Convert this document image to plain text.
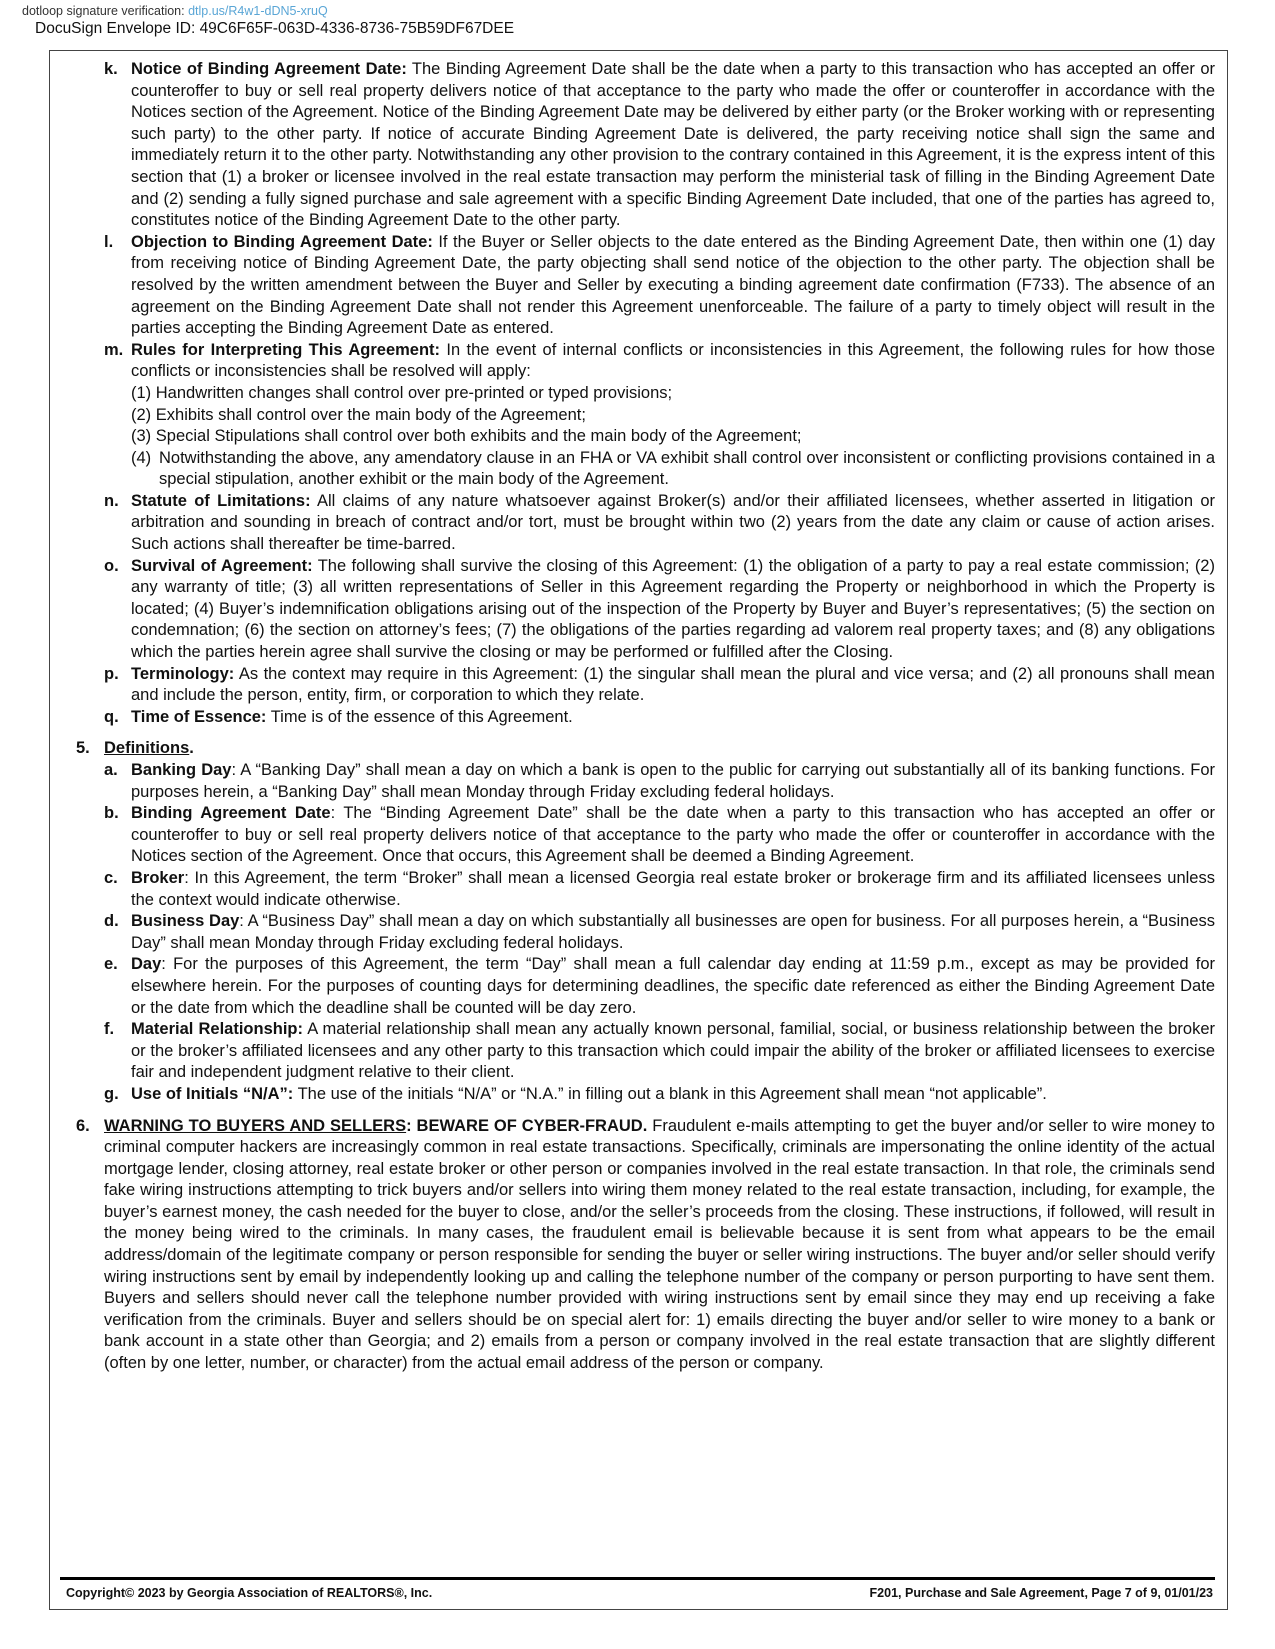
dotloop signature verification: dtlp.us/R4w1-dDN5-xruQ
DocuSign Envelope ID: 49C6F65F-063D-4336-8736-75B59DF67DEE
k. Notice of Binding Agreement Date: The Binding Agreement Date shall be the date when a party to this transaction who has accepted an offer or counteroffer to buy or sell real property delivers notice of that acceptance to the party who made the offer or counteroffer in accordance with the Notices section of the Agreement. Notice of the Binding Agreement Date may be delivered by either party (or the Broker working with or representing such party) to the other party. If notice of accurate Binding Agreement Date is delivered, the party receiving notice shall sign the same and immediately return it to the other party. Notwithstanding any other provision to the contrary contained in this Agreement, it is the express intent of this section that (1) a broker or licensee involved in the real estate transaction may perform the ministerial task of filling in the Binding Agreement Date and (2) sending a fully signed purchase and sale agreement with a specific Binding Agreement Date included, that one of the parties has agreed to, constitutes notice of the Binding Agreement Date to the other party.
l. Objection to Binding Agreement Date: If the Buyer or Seller objects to the date entered as the Binding Agreement Date, then within one (1) day from receiving notice of Binding Agreement Date, the party objecting shall send notice of the objection to the other party. The objection shall be resolved by the written amendment between the Buyer and Seller by executing a binding agreement date confirmation (F733). The absence of an agreement on the Binding Agreement Date shall not render this Agreement unenforceable. The failure of a party to timely object will result in the parties accepting the Binding Agreement Date as entered.
m. Rules for Interpreting This Agreement: In the event of internal conflicts or inconsistencies in this Agreement, the following rules for how those conflicts or inconsistencies shall be resolved will apply:
(1) Handwritten changes shall control over pre-printed or typed provisions;
(2) Exhibits shall control over the main body of the Agreement;
(3) Special Stipulations shall control over both exhibits and the main body of the Agreement;
(4) Notwithstanding the above, any amendatory clause in an FHA or VA exhibit shall control over inconsistent or conflicting provisions contained in a special stipulation, another exhibit or the main body of the Agreement.
n. Statute of Limitations: All claims of any nature whatsoever against Broker(s) and/or their affiliated licensees, whether asserted in litigation or arbitration and sounding in breach of contract and/or tort, must be brought within two (2) years from the date any claim or cause of action arises. Such actions shall thereafter be time-barred.
o. Survival of Agreement: The following shall survive the closing of this Agreement: (1) the obligation of a party to pay a real estate commission; (2) any warranty of title; (3) all written representations of Seller in this Agreement regarding the Property or neighborhood in which the Property is located; (4) Buyer’s indemnification obligations arising out of the inspection of the Property by Buyer and Buyer’s representatives; (5) the section on condemnation; (6) the section on attorney’s fees; (7) the obligations of the parties regarding ad valorem real property taxes; and (8) any obligations which the parties herein agree shall survive the closing or may be performed or fulfilled after the Closing.
p. Terminology: As the context may require in this Agreement: (1) the singular shall mean the plural and vice versa; and (2) all pronouns shall mean and include the person, entity, firm, or corporation to which they relate.
q. Time of Essence: Time is of the essence of this Agreement.
5. Definitions.
a. Banking Day: A “Banking Day” shall mean a day on which a bank is open to the public for carrying out substantially all of its banking functions. For purposes herein, a “Banking Day” shall mean Monday through Friday excluding federal holidays.
b. Binding Agreement Date: The “Binding Agreement Date” shall be the date when a party to this transaction who has accepted an offer or counteroffer to buy or sell real property delivers notice of that acceptance to the party who made the offer or counteroffer in accordance with the Notices section of the Agreement. Once that occurs, this Agreement shall be deemed a Binding Agreement.
c. Broker: In this Agreement, the term “Broker” shall mean a licensed Georgia real estate broker or brokerage firm and its affiliated licensees unless the context would indicate otherwise.
d. Business Day: A “Business Day” shall mean a day on which substantially all businesses are open for business. For all purposes herein, a “Business Day” shall mean Monday through Friday excluding federal holidays.
e. Day: For the purposes of this Agreement, the term “Day” shall mean a full calendar day ending at 11:59 p.m., except as may be provided for elsewhere herein. For the purposes of counting days for determining deadlines, the specific date referenced as either the Binding Agreement Date or the date from which the deadline shall be counted will be day zero.
f. Material Relationship: A material relationship shall mean any actually known personal, familial, social, or business relationship between the broker or the broker’s affiliated licensees and any other party to this transaction which could impair the ability of the broker or affiliated licensees to exercise fair and independent judgment relative to their client.
g. Use of Initials “N/A”: The use of the initials “N/A” or “N.A.” in filling out a blank in this Agreement shall mean “not applicable”.
6. WARNING TO BUYERS AND SELLERS: BEWARE OF CYBER-FRAUD. Fraudulent e-mails attempting to get the buyer and/or seller to wire money to criminal computer hackers are increasingly common in real estate transactions. Specifically, criminals are impersonating the online identity of the actual mortgage lender, closing attorney, real estate broker or other person or companies involved in the real estate transaction. In that role, the criminals send fake wiring instructions attempting to trick buyers and/or sellers into wiring them money related to the real estate transaction, including, for example, the buyer’s earnest money, the cash needed for the buyer to close, and/or the seller’s proceeds from the closing. These instructions, if followed, will result in the money being wired to the criminals. In many cases, the fraudulent email is believable because it is sent from what appears to be the email address/domain of the legitimate company or person responsible for sending the buyer or seller wiring instructions. The buyer and/or seller should verify wiring instructions sent by email by independently looking up and calling the telephone number of the company or person purporting to have sent them. Buyers and sellers should never call the telephone number provided with wiring instructions sent by email since they may end up receiving a fake verification from the criminals. Buyer and sellers should be on special alert for: 1) emails directing the buyer and/or seller to wire money to a bank or bank account in a state other than Georgia; and 2) emails from a person or company involved in the real estate transaction that are slightly different (often by one letter, number, or character) from the actual email address of the person or company.
Copyright© 2023 by Georgia Association of REALTORS®, Inc.	F201, Purchase and Sale Agreement, Page 7 of 9, 01/01/23
